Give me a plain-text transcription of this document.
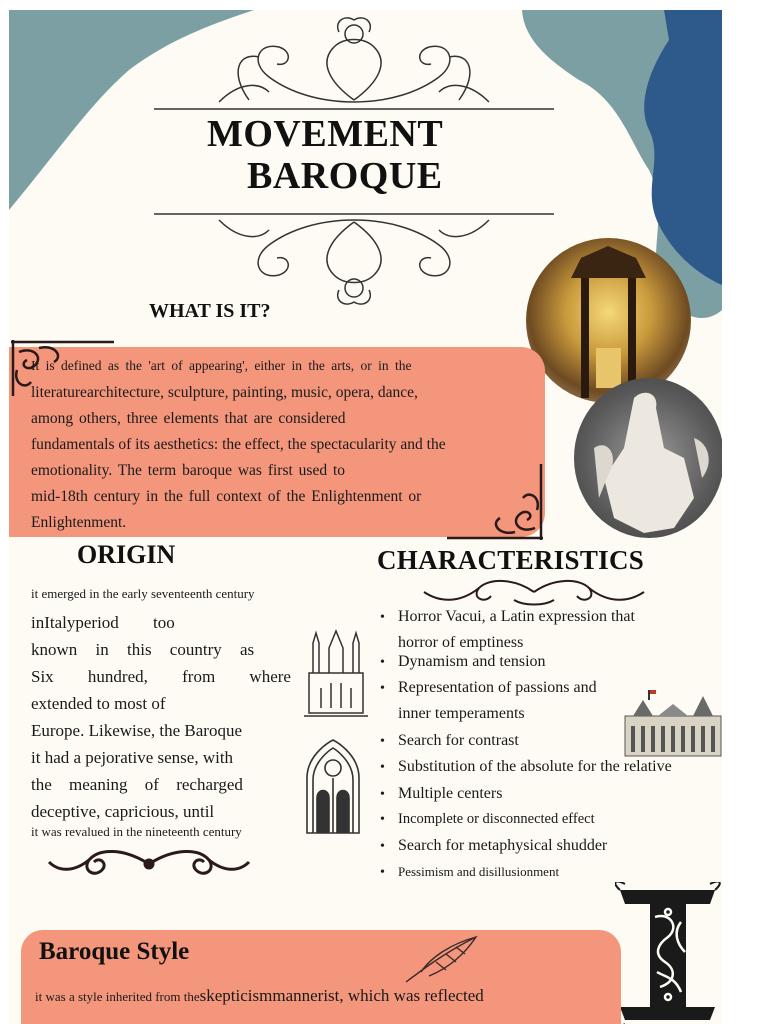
MOVEMENT
BAROQUE
WHAT IS IT?
It is defined as the 'art of appearing', either in the arts, or in the
literaturearchitecture, sculpture, painting, music, opera, dance,
among others, three elements that are considered
fundamentals of its aesthetics: the effect, the spectacularity and the
emotionality. The term baroque was first used to
mid-18th century in the full context of the Enlightenment or
Enlightenment.
ORIGIN
it emerged in the early seventeenth century
inItalyperiod too
known in this country as
Six hundred, from where
extended to most of
Europe. Likewise, the Baroque
it had a pejorative sense, with
the meaning of recharged
deceptive, capricious, until
it was revalued in the nineteenth century
CHARACTERISTICS
• Horror Vacui, a Latin expression that
horror of emptiness
• Dynamism and tension
• Representation of passions and
inner temperaments
• Search for contrast
• Substitution of the absolute for the relative
• Multiple centers
• Incomplete or disconnected effect
• Search for metaphysical shudder
• Pessimism and disillusionment
Baroque Style
it was a style inherited from theskepticismmannerist, which was reflected
